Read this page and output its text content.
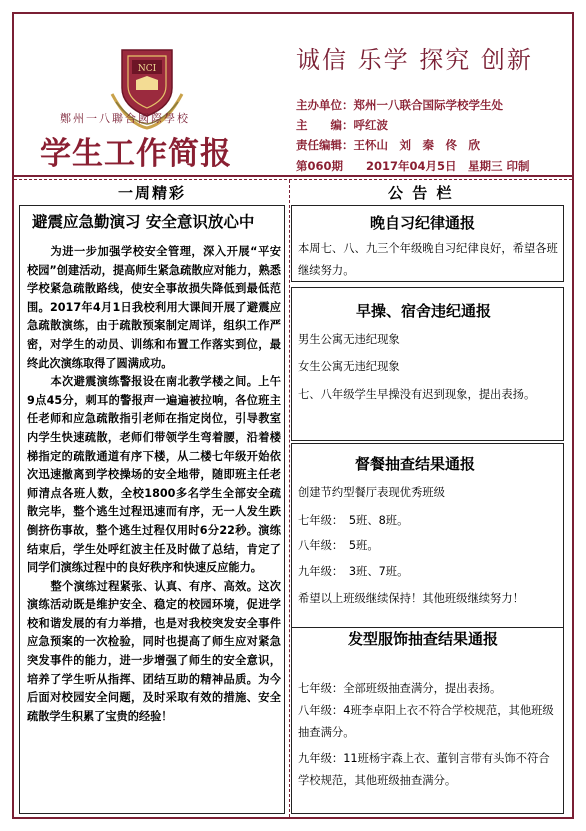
NCI
鄭州一八聯合國際學校
学生工作简报
诚信 乐学 探究 创新
主办单位：郑州一八联合国际学校学生处
主　　编：呼红波
责任编辑：王怀山　刘　秦　佟　欣
第060期　　2017年04月5日　星期三 印制
一周精彩
避震应急勤演习 安全意识放心中

为进一步加强学校安全管理，深入开展“平安校园”创建活动，提高师生紧急疏散应对能力，熟悉学校紧急疏散路线，使安全事故损失降低到最低范围。2017年4月1日我校利用大课间开展了避震应急疏散演练，由于疏散预案制定周详，组织工作严密，对学生的动员、训练和布置工作落实到位，最终此次演练取得了圆满成功。

本次避震演练警报设在南北教学楼之间。上午9点45分，刺耳的警报声一遍遍被拉响，各位班主任老师和应急疏散指引老师在指定岗位，引导教室内学生快速疏散，老师们带领学生弯着腰，沿着楼梯指定的疏散通道有序下楼，从二楼七年级开始依次迅速撤离到学校操场的安全地带，随即班主任老师清点各班人数，全校1800多名学生全部安全疏散完毕，整个逃生过程迅速而有序，无一人发生跌倒挤伤事故，整个逃生过程仅用时6分22秒。演练结束后，学生处呼红波主任及时做了总结，肯定了同学们演练过程中的良好秩序和快速反应能力。

整个演练过程紧张、认真、有序、高效。这次演练活动既是维护安全、稳定的校园环境，促进学校和谐发展的有力举措，也是对我校突发安全事件应急预案的一次检验，同时也提高了师生应对紧急突发事件的能力，进一步增强了师生的安全意识，培养了学生听从指挥、团结互助的精神品质。为今后面对校园安全问题，及时采取有效的措施、安全疏散学生积累了宝贵的经验！

公 告 栏
晚自习纪律通报
本周七、八、九三个年级晚自习纪律良好，希望各班继续努力。
早操、宿舍违纪通报
男生公寓无违纪现象
女生公寓无违纪现象
七、八年级学生早操没有迟到现象，提出表扬。
督餐抽查结果通报
创建节约型餐厅表现优秀班级
七年级：　5班、8班。
八年级：　5班。
九年级：　3班、7班。
希望以上班级继续保持！其他班级继续努力！
发型服饰抽查结果通报
七年级：全部班级抽查满分，提出表扬。
八年级：4班李卓阳上衣不符合学校规范，其他班级抽查满分。
九年级：11班杨宇森上衣、董钊言带有头饰不符合学校规范，其他班级抽查满分。
